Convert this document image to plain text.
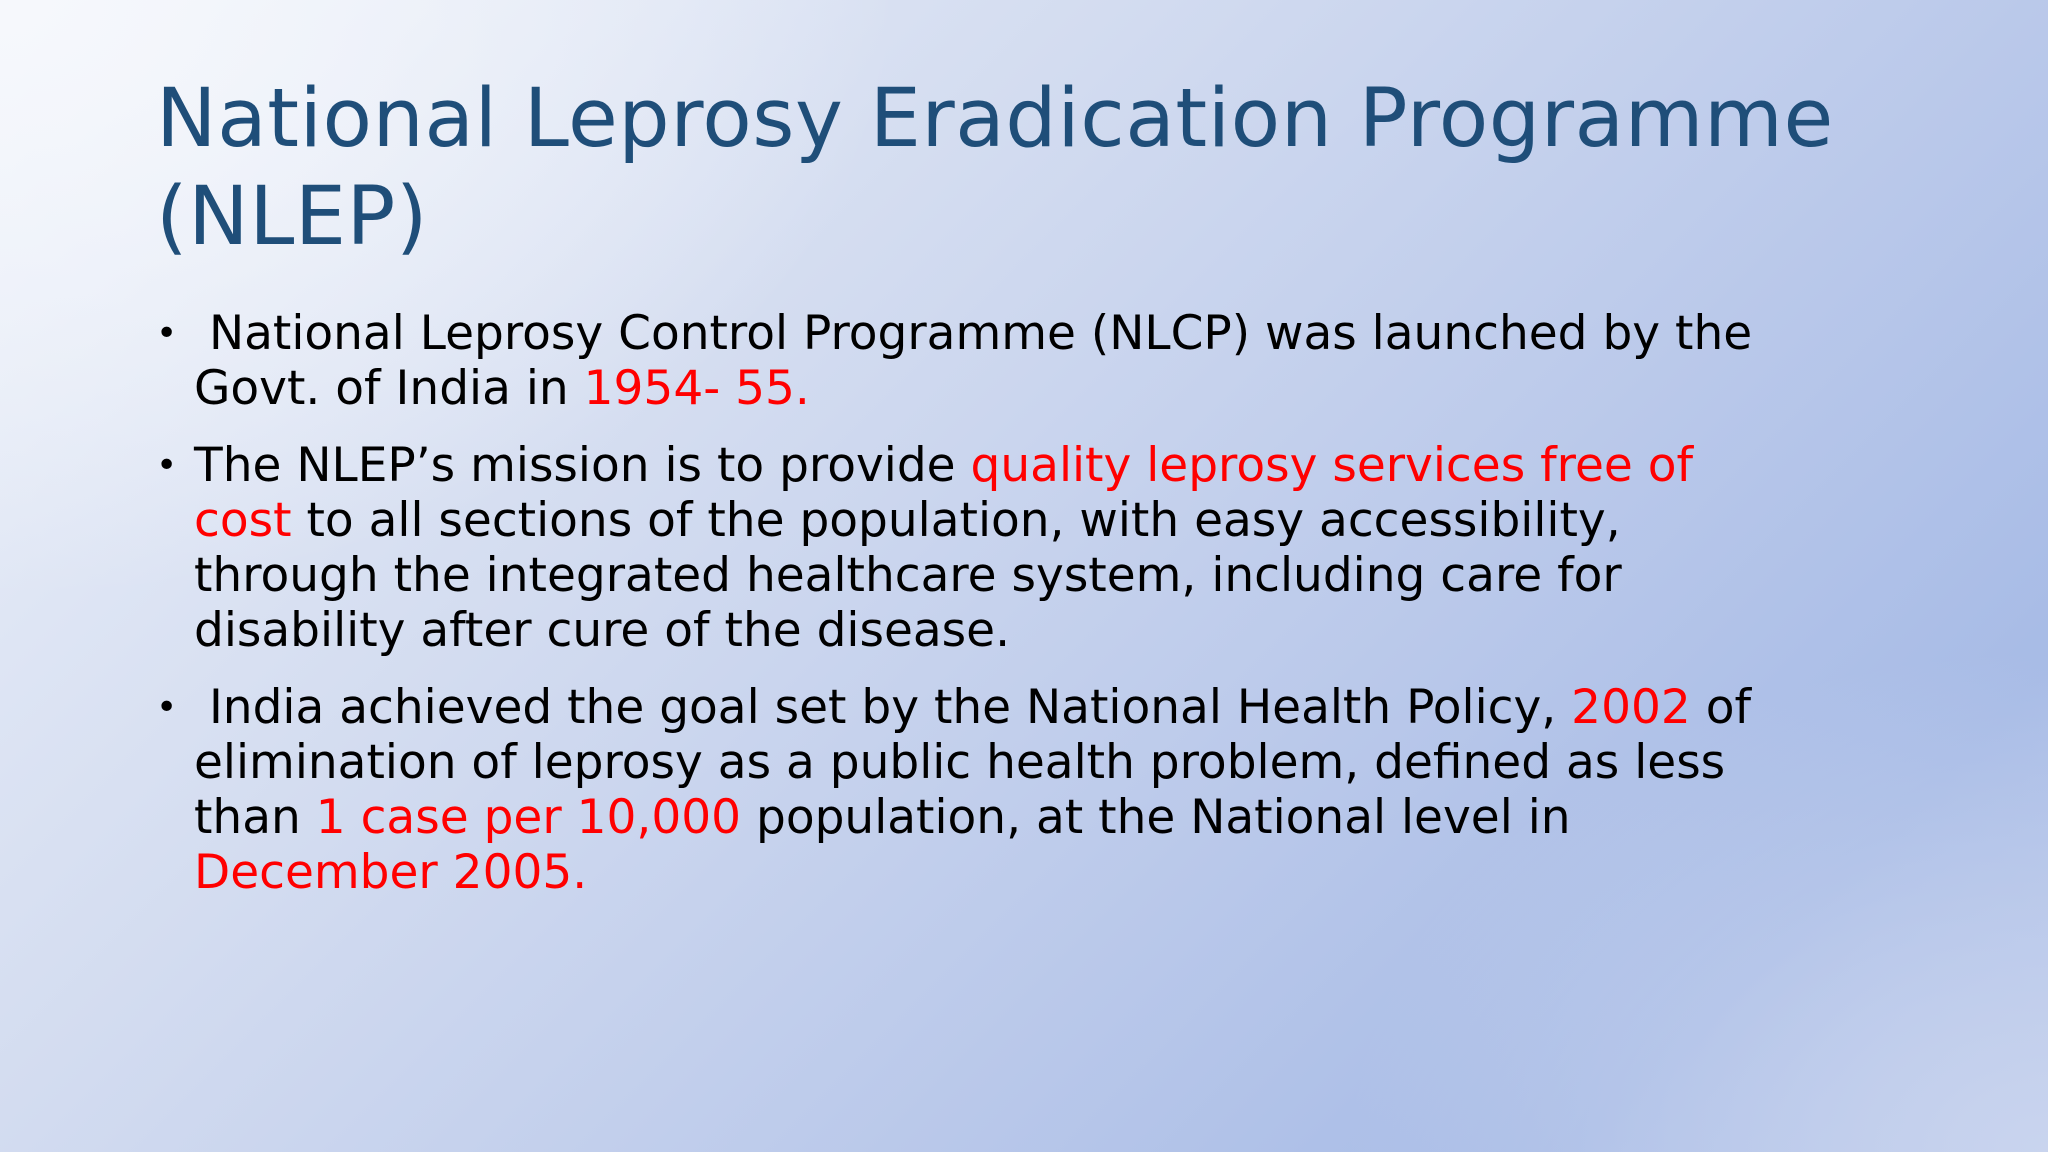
National Leprosy Eradication Programme
(NLEP)
• National Leprosy Control Programme (NLCP) was launched by the
Govt. of India in 1954- 55.
• The NLEP’s mission is to provide quality leprosy services free of
cost to all sections of the population, with easy accessibility,
through the integrated healthcare system, including care for
disability after cure of the disease.
• India achieved the goal set by the National Health Policy, 2002 of
elimination of leprosy as a public health problem, defined as less
than 1 case per 10,000 population, at the National level in
December 2005.
